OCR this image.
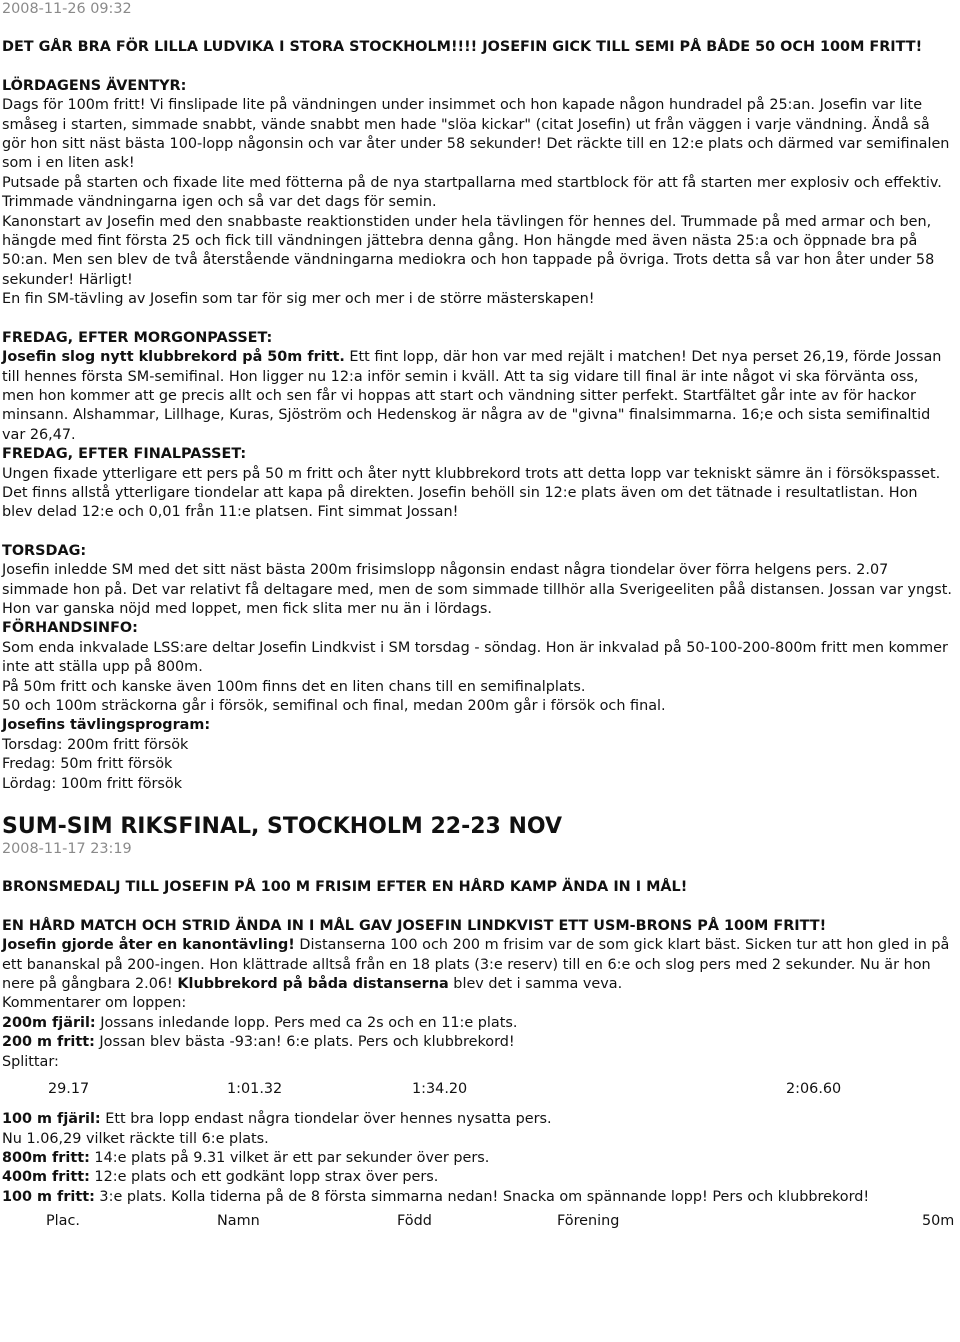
2008-11-26 09:32

DET GÅR BRA FÖR LILLA LUDVIKA I STORA STOCKHOLM!!!! JOSEFIN GICK TILL SEMI PÅ BÅDE 50 OCH 100M FRITT!

LÖRDAGENS ÄVENTYR:

Dags för 100m fritt! Vi finslipade lite på vändningen under insimmet och hon kapade någon hundradel på 25:an. Josefin var lite småseg i starten, simmade snabbt, vände snabbt men hade "slöa kickar" (citat Josefin) ut från väggen i varje vändning. Ändå så gör hon sitt näst bästa 100-lopp någonsin och var åter under 58 sekunder! Det räckte till en 12:e plats och därmed var semifinalen som i en liten ask!

Putsade på starten och fixade lite med fötterna på de nya startpallarna med startblock för att få starten mer explosiv och effektiv. Trimmade vändningarna igen och så var det dags för semin.

Kanonstart av Josefin med den snabbaste reaktionstiden under hela tävlingen för hennes del. Trummade på med armar och ben, hängde med fint första 25 och fick till vändningen jättebra denna gång. Hon hängde med även nästa 25:a och öppnade bra på 50:an. Men sen blev de två återstående vändningarna mediokra och hon tappade på övriga. Trots detta så var hon åter under 58 sekunder! Härligt!

En fin SM-tävling av Josefin som tar för sig mer och mer i de större mästerskapen!

FREDAG, EFTER MORGONPASSET:

Josefin slog nytt klubbrekord på 50m fritt. Ett fint lopp, där hon var med rejält i matchen! Det nya perset 26,19, förde Jossan till hennes första SM-semifinal. Hon ligger nu 12:a inför semin i kväll. Att ta sig vidare till final är inte något vi ska förvänta oss, men hon kommer att ge precis allt och sen får vi hoppas att start och vändning sitter perfekt. Startfältet går inte av för hackor minsann. Alshammar, Lillhage, Kuras, Sjöström och Hedenskog är några av de "givna" finalsimmarna. 16;e och sista semifinaltid var 26,47.

FREDAG, EFTER FINALPASSET:

Ungen fixade ytterligare ett pers på 50 m fritt och åter nytt klubbrekord trots att detta lopp var tekniskt sämre än i försökspasset. Det finns allstå ytterligare tiondelar att kapa på direkten. Josefin behöll sin 12:e plats även om det tätnade i resultatlistan. Hon blev delad 12:e och 0,01 från 11:e platsen. Fint simmat Jossan!

TORSDAG:

Josefin inledde SM med det sitt näst bästa 200m frisimslopp någonsin endast några tiondelar över förra helgens pers. 2.07 simmade hon på. Det var relativt få deltagare med, men de som simmade tillhör alla Sverigeeliten påå distansen. Jossan var yngst. Hon var ganska nöjd med loppet, men fick slita mer nu än i lördags.

FÖRHANDSINFO:

Som enda inkvalade LSS:are deltar Josefin Lindkvist i SM torsdag - söndag. Hon är inkvalad på 50-100-200-800m fritt men kommer inte att ställa upp på 800m.

På 50m fritt och kanske även 100m finns det en liten chans till en semifinalplats.

50 och 100m sträckorna går i försök, semifinal och final, medan 200m går i försök och final.

Josefins tävlingsprogram:

Torsdag: 200m fritt försök

Fredag: 50m fritt försök

Lördag: 100m fritt försök

SUM-SIM RIKSFINAL, STOCKHOLM 22-23 NOV
2008-11-17 23:19

BRONSMEDALJ TILL JOSEFIN PÅ 100 M FRISIM EFTER EN HÅRD KAMP ÄNDA IN I MÅL!

EN HÅRD MATCH OCH STRID ÄNDA IN I MÅL GAV JOSEFIN LINDKVIST ETT USM-BRONS PÅ 100M FRITT!

Josefin gjorde åter en kanontävling! Distanserna 100 och 200 m frisim var de som gick klart bäst. Sicken tur att hon gled in på ett bananskal på 200-ingen. Hon klättrade alltså från en 18 plats (3:e reserv) till en 6:e och slog pers med 2 sekunder. Nu är hon nere på gångbara 2.06! Klubbrekord på båda distanserna blev det i samma veva.

Kommentarer om loppen:

200m fjäril: Jossans inledande lopp. Pers med ca 2s och en 11:e plats.

200 m fritt: Jossan blev bästa -93:an! 6:e plats. Pers och klubbrekord!

Splittar:

29.17	1:01.32	1:34.20	2:06.60

100 m fjäril: Ett bra lopp endast några tiondelar över hennes nysatta pers.

Nu 1.06,29 vilket räckte till 6:e plats.

800m fritt: 14:e plats på 9.31 vilket är ett par sekunder över pers.

400m fritt: 12:e plats och ett godkänt lopp strax över pers.

100 m fritt: 3:e plats. Kolla tiderna på de 8 första simmarna nedan! Snacka om spännande lopp! Pers och klubbrekord!

Plac.	Namn	Född	Förening	50m
